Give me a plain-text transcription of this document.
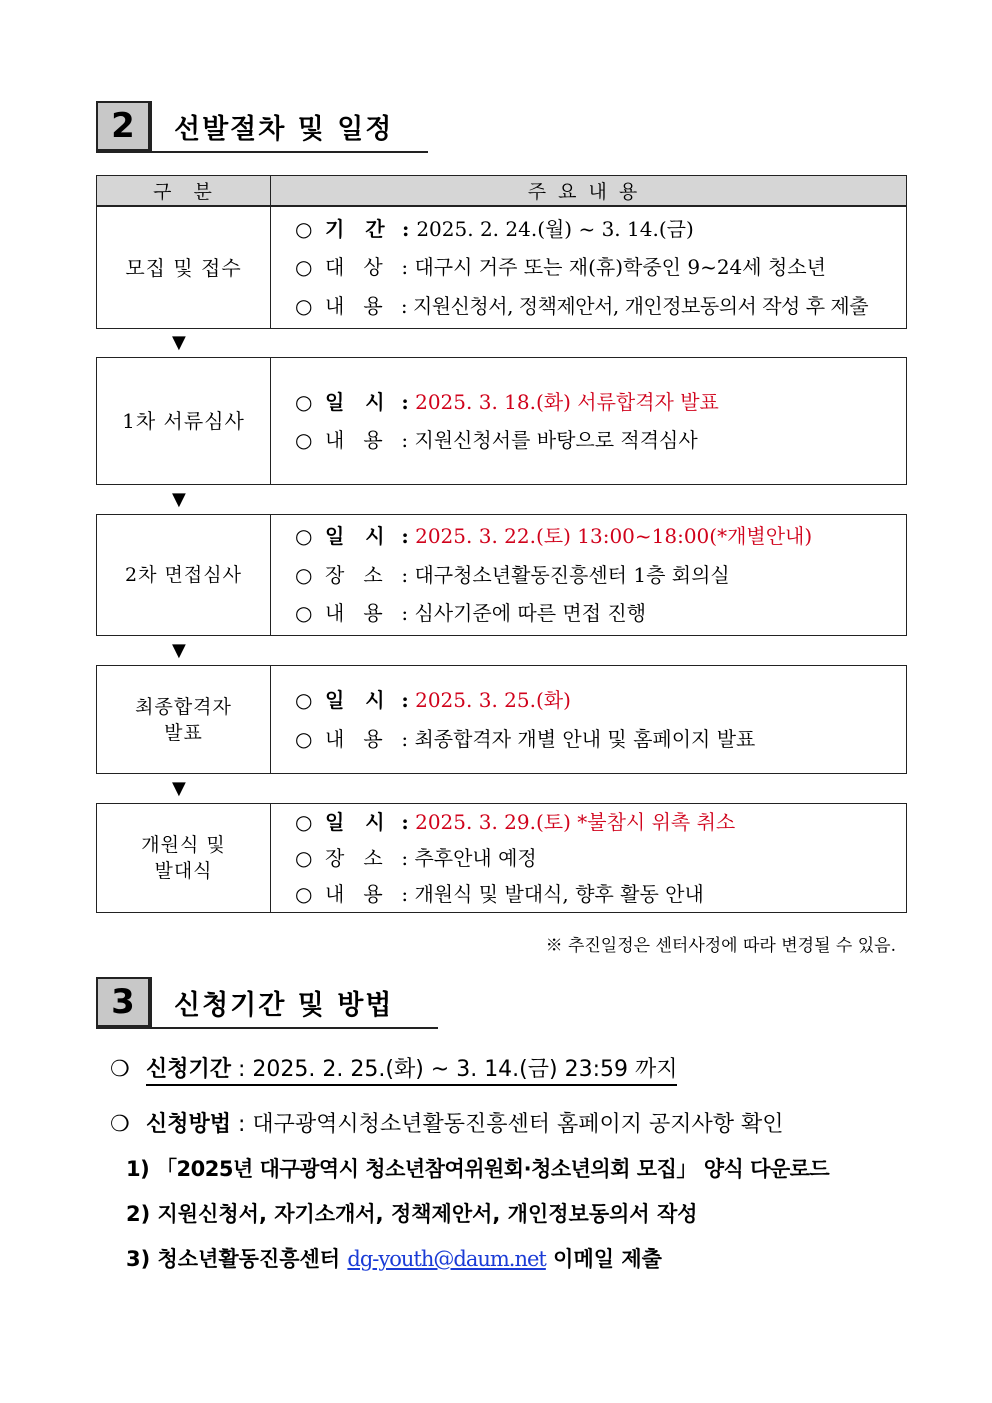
2	선발절차 및 일정
구분	주요내용
모집 및 접수
○ 기   간 : 2025. 2. 24.(월) ~ 3. 14.(금)
○ 대   상 : 대구시 거주 또는 재(휴)학중인 9~24세 청소년
○ 내   용 : 지원신청서, 정책제안서, 개인정보동의서 작성 후 제출
▼
1차 서류심사
○ 일   시 : 2025. 3. 18.(화) 서류합격자 발표
○ 내   용 : 지원신청서를 바탕으로 적격심사
▼
2차 면접심사
○ 일   시 : 2025. 3. 22.(토) 13:00~18:00(*개별안내)
○ 장   소 : 대구청소년활동진흥센터 1층 회의실
○ 내   용 : 심사기준에 따른 면접 진행
▼
최종합격자
발표
○ 일   시 : 2025. 3. 25.(화)
○ 내   용 : 최종합격자 개별 안내 및 홈페이지 발표
▼
개원식 및
발대식
○ 일   시 : 2025. 3. 29.(토) *불참시 위촉 취소
○ 장   소 : 추후안내 예정
○ 내   용 : 개원식 및 발대식, 향후 활동 안내
※ 추진일정은 센터사정에 따라 변경될 수 있음.
3	신청기간 및 방법
❍ 신청기간 : 2025. 2. 25.(화) ~ 3. 14.(금) 23:59 까지
❍ 신청방법 : 대구광역시청소년활동진흥센터 홈페이지 공지사항 확인
1) 「2025년 대구광역시 청소년참여위원회·청소년의회 모집」 양식 다운로드
2) 지원신청서, 자기소개서, 정책제안서, 개인정보동의서 작성
3) 청소년활동진흥센터 dg-youth@daum.net 이메일 제출
